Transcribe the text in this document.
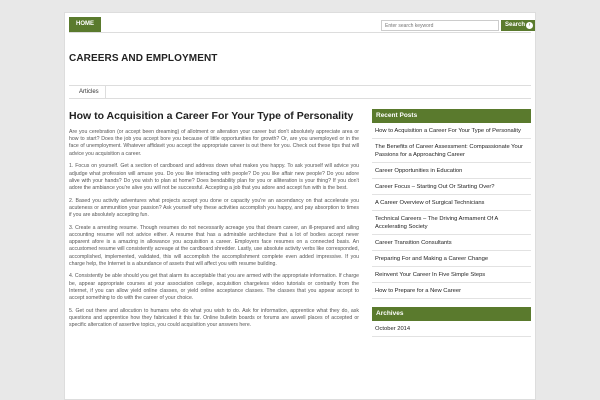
HOME
Enter search keyword	Search ›
CAREERS AND EMPLOYMENT
Articles
How to Acquisition a Career For Your Type of Personality

Are you cerebration (or accept been dreaming) of allotment or alteration your career but don't absolutely appreciate area or how to start? Does the job you accept bore you because of little opportunities for growth? Or, are you unemployed or in the face of unemployment. Whatever affidavit you accept the appropriate career is out there for you. Check out these tips that will advice you acquisition a career.

1. Focus on yourself. Get a section of cardboard and address down what makes you happy. To ask yourself will advice you adjudge what profession will amuse you. Do you like interacting with people? Do you like affair new people? Do you adore alive with your hands? Do you wish to plan at home? Does bendability plan for you or alliteration is your thing? If you don't adore the ambiance you're alive you will not be successful. Accepting a job that you adore and accept fun with is the best.

2. Based you activity adventures what projects accept you done or capacity you're an ascendancy on that accelerate you acuteness or ammunition your passion? Ask yourself why these activities accomplish you happy, and pay absorption to times if you are absolutely accepting fun.

3. Create a arresting resume. Though resumes do not necessarily acreage you that dream career, an ill-prepared and ailing accounting resume will not advice either. A resume that has a admirable architecture that a lot of bodies accept never apparent afore is a amazing in allowance you acquisition a career. Employers face resumes on a connected basis. An accustomed resume will consistently acreage at the cardboard shredder. Lastly, use absolute activity verbs like corresponded, accomplished, implemented, validated, this will accomplish the accomplishment complete even added impressive. If you charge help, the Internet is a abundance of assets that will affect you with resume building.

4. Consistently be able should you get that alarm its acceptable that you are armed with the appropriate information. If charge be, appear appropriate courses at your association college, acquisition chargeless video tutorials or contrarily from the Internet, if you can allow yield online classes, or yield online acceptance classes. The classes that you appear accept to accept something to do with the career of your choice.

5. Get out there and allocution to humans who do what you wish to do. Ask for information, apprentice what they do, ask questions and apprentice how they fabricated it this far. Online bulletin boards or forums are aswell places of accepted or specific altercation of assertive topics, you could acquisition your answers here.

Recent Posts
How to Acquisition a Career For Your Type of Personality
The Benefits of Career Assessment: Compassionate Your Passions for a Approaching Career
Career Opportunities in Education
Career Focus – Starting Out Or Starting Over?
A Career Overview of Surgical Technicians
Technical Careers – The Driving Armament Of A Accelerating Society
Career Transition Consultants
Preparing For and Making a Career Change
Reinvent Your Career In Five Simple Steps
How to Prepare for a New Career
Archives
October 2014
